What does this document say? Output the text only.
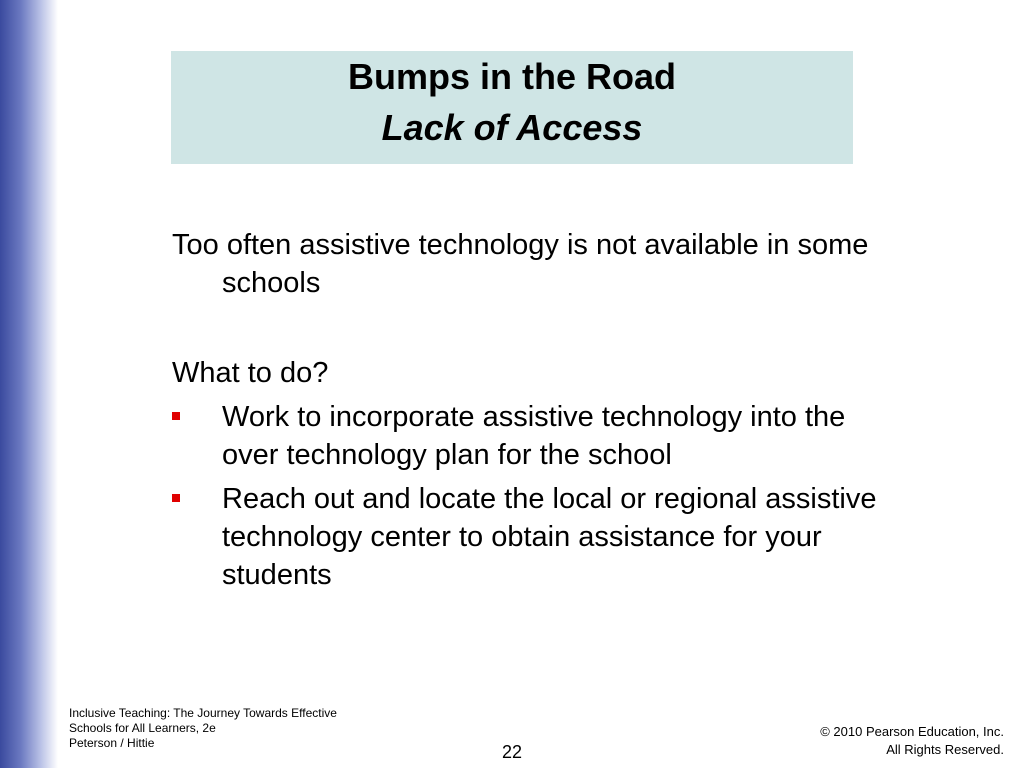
Bumps in the Road
Lack of Access

Too often assistive technology is not available in some schools

What to do?

Work to incorporate assistive technology into the over technology plan for the school
Reach out and locate the local or regional assistive technology center to obtain assistance for your students
Inclusive Teaching: The Journey Towards Effective
Schools for All Learners, 2e
Peterson / Hittie	22
© 2010 Pearson Education, Inc.
All Rights Reserved.
